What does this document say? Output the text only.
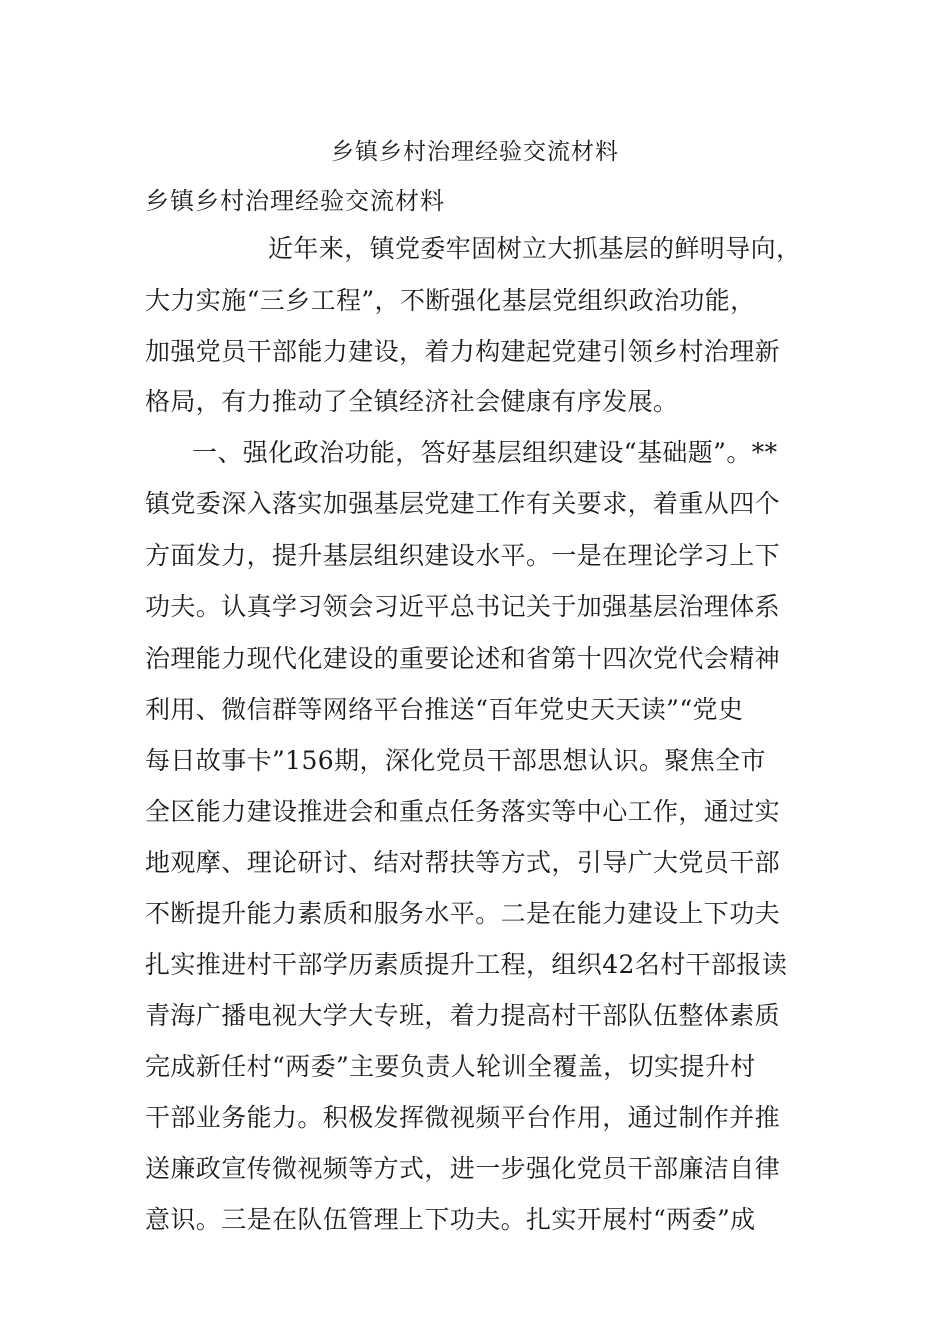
乡镇乡村治理经验交流材料
乡镇乡村治理经验交流材料
近年来，镇党委牢固树立大抓基层的鲜明导向，
大力实施“三乡工程”，不断强化基层党组织政治功能，
加强党员干部能力建设，着力构建起党建引领乡村治理新
格局，有力推动了全镇经济社会健康有序发展。
一、强化政治功能，答好基层组织建设“基础题”。**
镇党委深入落实加强基层党建工作有关要求，着重从四个
方面发力，提升基层组织建设水平。一是在理论学习上下
功夫。认真学习领会习近平总书记关于加强基层治理体系
治理能力现代化建设的重要论述和省第十四次党代会精神
利用、微信群等网络平台推送“百年党史天天读”“党史
每日故事卡”156期，深化党员干部思想认识。聚焦全市
全区能力建设推进会和重点任务落实等中心工作，通过实
地观摩、理论研讨、结对帮扶等方式，引导广大党员干部
不断提升能力素质和服务水平。二是在能力建设上下功夫
扎实推进村干部学历素质提升工程，组织42名村干部报读
青海广播电视大学大专班，着力提高村干部队伍整体素质
完成新任村“两委”主要负责人轮训全覆盖，切实提升村
干部业务能力。积极发挥微视频平台作用，通过制作并推
送廉政宣传微视频等方式，进一步强化党员干部廉洁自律
意识。三是在队伍管理上下功夫。扎实开展村“两委”成
